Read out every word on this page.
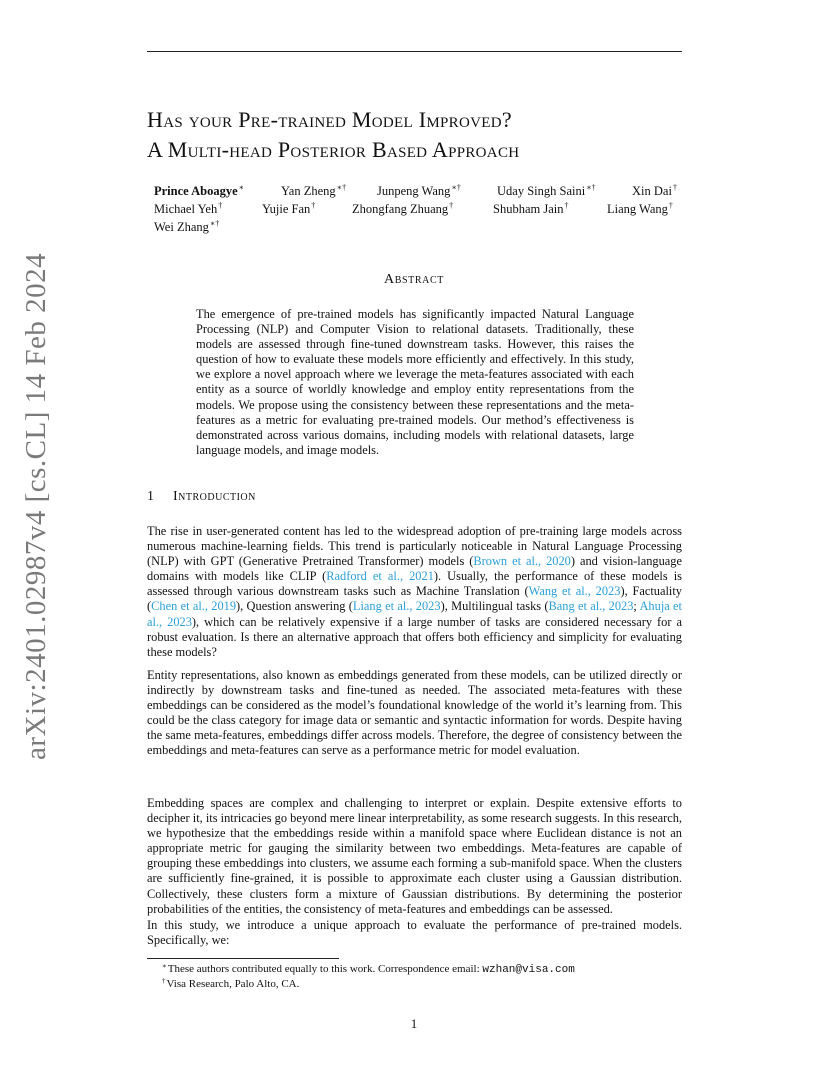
arXiv:2401.02987v4 [cs.CL] 14 Feb 2024
Has your Pre-trained Model Improved?
A Multi-head Posterior Based Approach
Prince Aboagye∗	Yan Zheng∗† Junpeng Wang∗†	Uday Singh Saini∗†	Xin Dai†
Michael Yeh†	Yujie Fan†	Zhongfang Zhuang†	Shubham Jain†	Liang Wang†
Wei Zhang∗†
Abstract
The emergence of pre-trained models has significantly impacted Natural Language Processing (NLP) and Computer Vision to relational datasets. Traditionally, these models are assessed through fine-tuned downstream tasks. However, this raises the question of how to evaluate these models more efficiently and effectively. In this study, we explore a novel approach where we leverage the meta-features associated with each entity as a source of worldly knowledge and employ entity representations from the models. We propose using the consistency between these representations and the meta-features as a metric for evaluating pre-trained models. Our method’s effectiveness is demonstrated across various domains, including models with relational datasets, large language models, and image models.
1 Introduction

The rise in user-generated content has led to the widespread adoption of pre-training large models across numerous machine-learning fields. This trend is particularly noticeable in Natural Language Processing (NLP) with GPT (Generative Pretrained Transformer) models (Brown et al., 2020) and vision-language domains with models like CLIP (Radford et al., 2021). Usually, the performance of these models is assessed through various downstream tasks such as Machine Translation (Wang et al., 2023), Factuality (Chen et al., 2019), Question answering (Liang et al., 2023), Multilingual tasks (Bang et al., 2023; Ahuja et al., 2023), which can be relatively expensive if a large number of tasks are considered necessary for a robust evaluation. Is there an alternative approach that offers both efficiency and simplicity for evaluating these models?

Entity representations, also known as embeddings generated from these models, can be utilized directly or indirectly by downstream tasks and fine-tuned as needed. The associated meta-features with these embeddings can be considered as the model’s foundational knowledge of the world it’s learning from. This could be the class category for image data or semantic and syntactic information for words. Despite having the same meta-features, embeddings differ across models. Therefore, the degree of consistency between the embeddings and meta-features can serve as a performance metric for model evaluation.

Embedding spaces are complex and challenging to interpret or explain. Despite extensive efforts to decipher it, its intricacies go beyond mere linear interpretability, as some research suggests. In this research, we hypothesize that the embeddings reside within a manifold space where Euclidean distance is not an appropriate metric for gauging the similarity between two embeddings. Meta-features are capable of grouping these embeddings into clusters, we assume each forming a sub-manifold space. When the clusters are sufficiently fine-grained, it is possible to approximate each cluster using a Gaussian distribution. Collectively, these clusters form a mixture of Gaussian distributions. By determining the posterior probabilities of the entities, the consistency of meta-features and embeddings can be assessed.

In this study, we introduce a unique approach to evaluate the performance of pre-trained models. Specifically, we:

∗These authors contributed equally to this work. Correspondence email: wzhan@visa.com
†Visa Research, Palo Alto, CA.
1
